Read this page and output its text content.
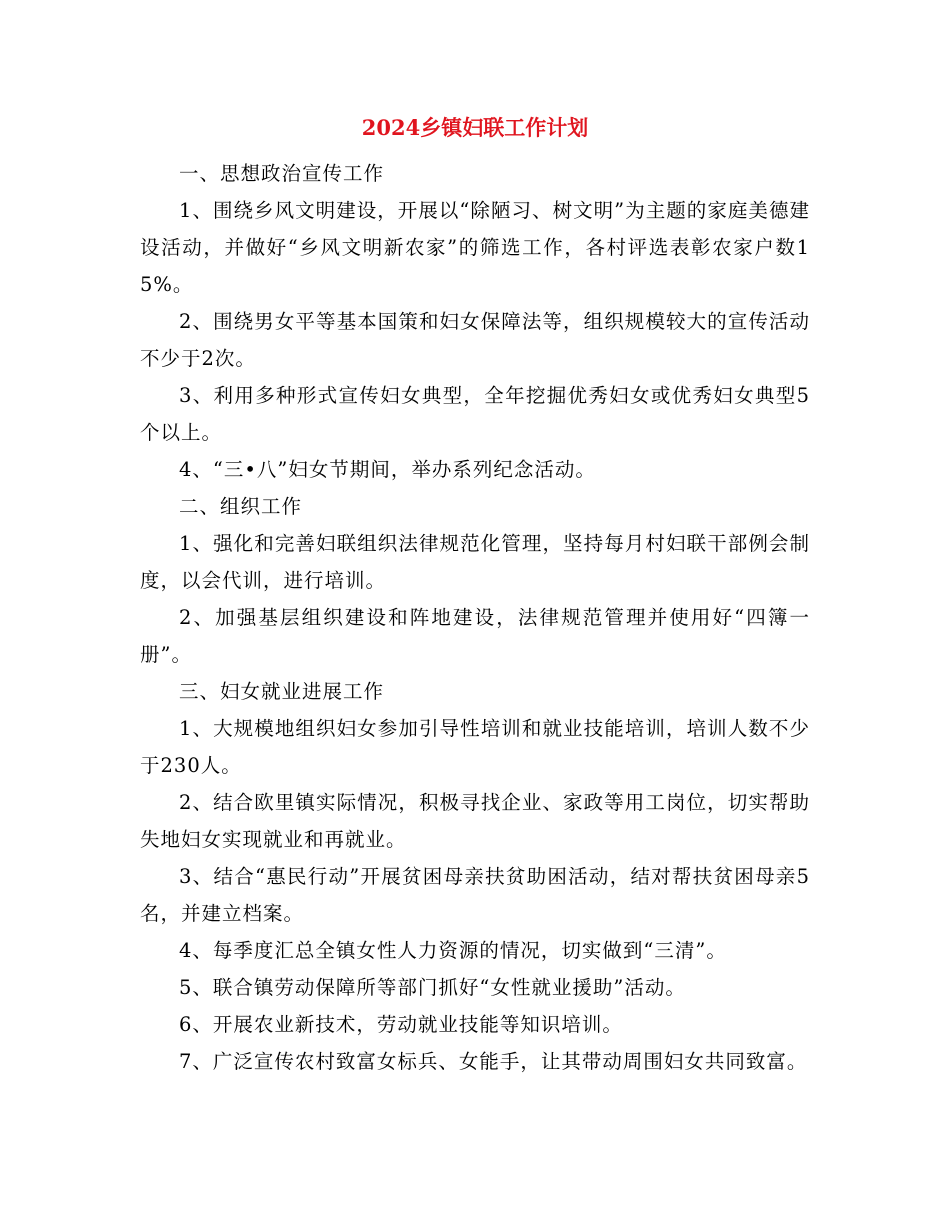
2024乡镇妇联工作计划

一、思想政治宣传工作

1、围绕乡风文明建设，开展以“除陋习、树文明”为主题的家庭美德建设活动，并做好“乡风文明新农家”的筛选工作，各村评选表彰农家户数15%。

2、围绕男女平等基本国策和妇女保障法等，组织规模较大的宣传活动不少于2次。

3、利用多种形式宣传妇女典型，全年挖掘优秀妇女或优秀妇女典型5个以上。

4、“三•八”妇女节期间，举办系列纪念活动。

二、组织工作

1、强化和完善妇联组织法律规范化管理，坚持每月村妇联干部例会制度，以会代训，进行培训。

2、加强基层组织建设和阵地建设，法律规范管理并使用好“四簿一册”。

三、妇女就业进展工作

1、大规模地组织妇女参加引导性培训和就业技能培训，培训人数不少于230人。

2、结合欧里镇实际情况，积极寻找企业、家政等用工岗位，切实帮助失地妇女实现就业和再就业。

3、结合“惠民行动”开展贫困母亲扶贫助困活动，结对帮扶贫困母亲5名，并建立档案。

4、每季度汇总全镇女性人力资源的情况，切实做到“三清”。

5、联合镇劳动保障所等部门抓好“女性就业援助”活动。

6、开展农业新技术，劳动就业技能等知识培训。

7、广泛宣传农村致富女标兵、女能手，让其带动周围妇女共同致富。
